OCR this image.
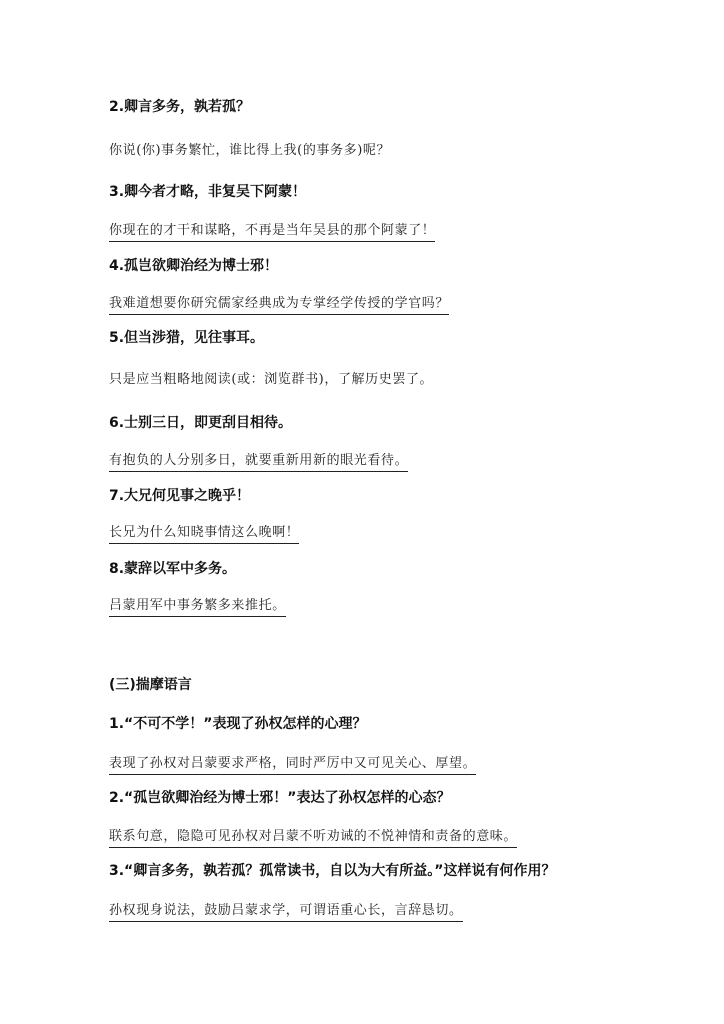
2.卿言多务，孰若孤？
你说(你)事务繁忙，谁比得上我(的事务多)呢？
3.卿今者才略，非复吴下阿蒙！
你现在的才干和谋略，不再是当年吴县的那个阿蒙了！
4.孤岂欲卿治经为博士邪！
我难道想要你研究儒家经典成为专掌经学传授的学官吗？
5.但当涉猎，见往事耳。
只是应当粗略地阅读(或：浏览群书)，了解历史罢了。
6.士别三日，即更刮目相待。
有抱负的人分别多日，就要重新用新的眼光看待。
7.大兄何见事之晚乎！
长兄为什么知晓事情这么晚啊！
8.蒙辞以军中多务。
吕蒙用军中事务繁多来推托。
(三)揣摩语言
1.“不可不学！”表现了孙权怎样的心理？
表现了孙权对吕蒙要求严格，同时严厉中又可见关心、厚望。
2.“孤岂欲卿治经为博士邪！”表达了孙权怎样的心态？
联系句意，隐隐可见孙权对吕蒙不听劝诫的不悦神情和责备的意味。
3.“卿言多务，孰若孤？孤常读书，自以为大有所益。”这样说有何作用？
孙权现身说法，鼓励吕蒙求学，可谓语重心长，言辞恳切。
